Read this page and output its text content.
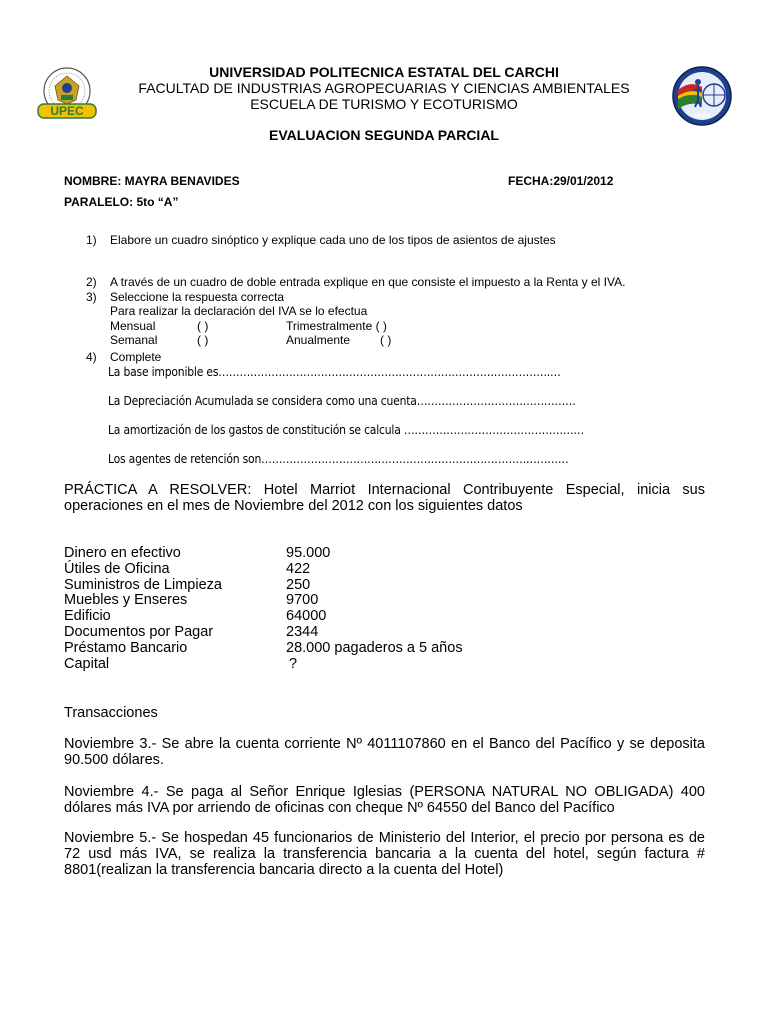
UPEC	UPEC
UNIVERSIDAD POLITECNICA ESTATAL DEL CARCHI
FACULTAD DE INDUSTRIAS AGROPECUARIAS Y CIENCIAS AMBIENTALES
ESCUELA DE TURISMO Y ECOTURISMO
EVALUACION SEGUNDA PARCIAL
NOMBRE: MAYRA BENAVIDES	FECHA:29/01/2012
PARALELO: 5to “A”
1) Elabore un cuadro sinóptico y explique cada uno de los tipos de asientos de ajustes
2) A través de un cuadro de doble entrada explique en que consiste el impuesto a la Renta y el IVA.
3) Seleccione la respuesta correcta
Para realizar la declaración del IVA se lo efectua
Mensual	( )	Trimestralmente ( )
Semanal	( )	Anualmente ( )
4) Complete
La base imponible es………………………………………………………………………………….…
La Depreciación Acumulada se considera como una cuenta………………………………………
La amortización de los gastos de constitución se calcula ……………………………………………
Los agentes de retención son……………………………………………………………………………
PRÁCTICA A RESOLVER: Hotel Marriot Internacional Contribuyente Especial, inicia sus operaciones en el mes de Noviembre del 2012 con los siguientes datos
Dinero en efectivo	95.000
Útiles de Oficina	422
Suministros de Limpieza	250
Muebles y Enseres	9700
Edificio	64000
Documentos por Pagar	2344
Préstamo Bancario	28.000 pagaderos a 5 años
Capital	?
Transacciones
Noviembre 3.- Se abre la cuenta corriente Nº 4011107860 en el Banco del Pacífico y se deposita 90.500 dólares.
Noviembre 4.- Se paga al Señor Enrique Iglesias (PERSONA NATURAL NO OBLIGADA) 400 dólares más IVA por arriendo de oficinas con cheque Nº 64550 del Banco del Pacífico
Noviembre 5.- Se hospedan 45 funcionarios de Ministerio del Interior, el precio por persona es de 72 usd más IVA, se realiza la transferencia bancaria a la cuenta del hotel, según factura # 8801(realizan la transferencia bancaria directo a la cuenta del Hotel)
